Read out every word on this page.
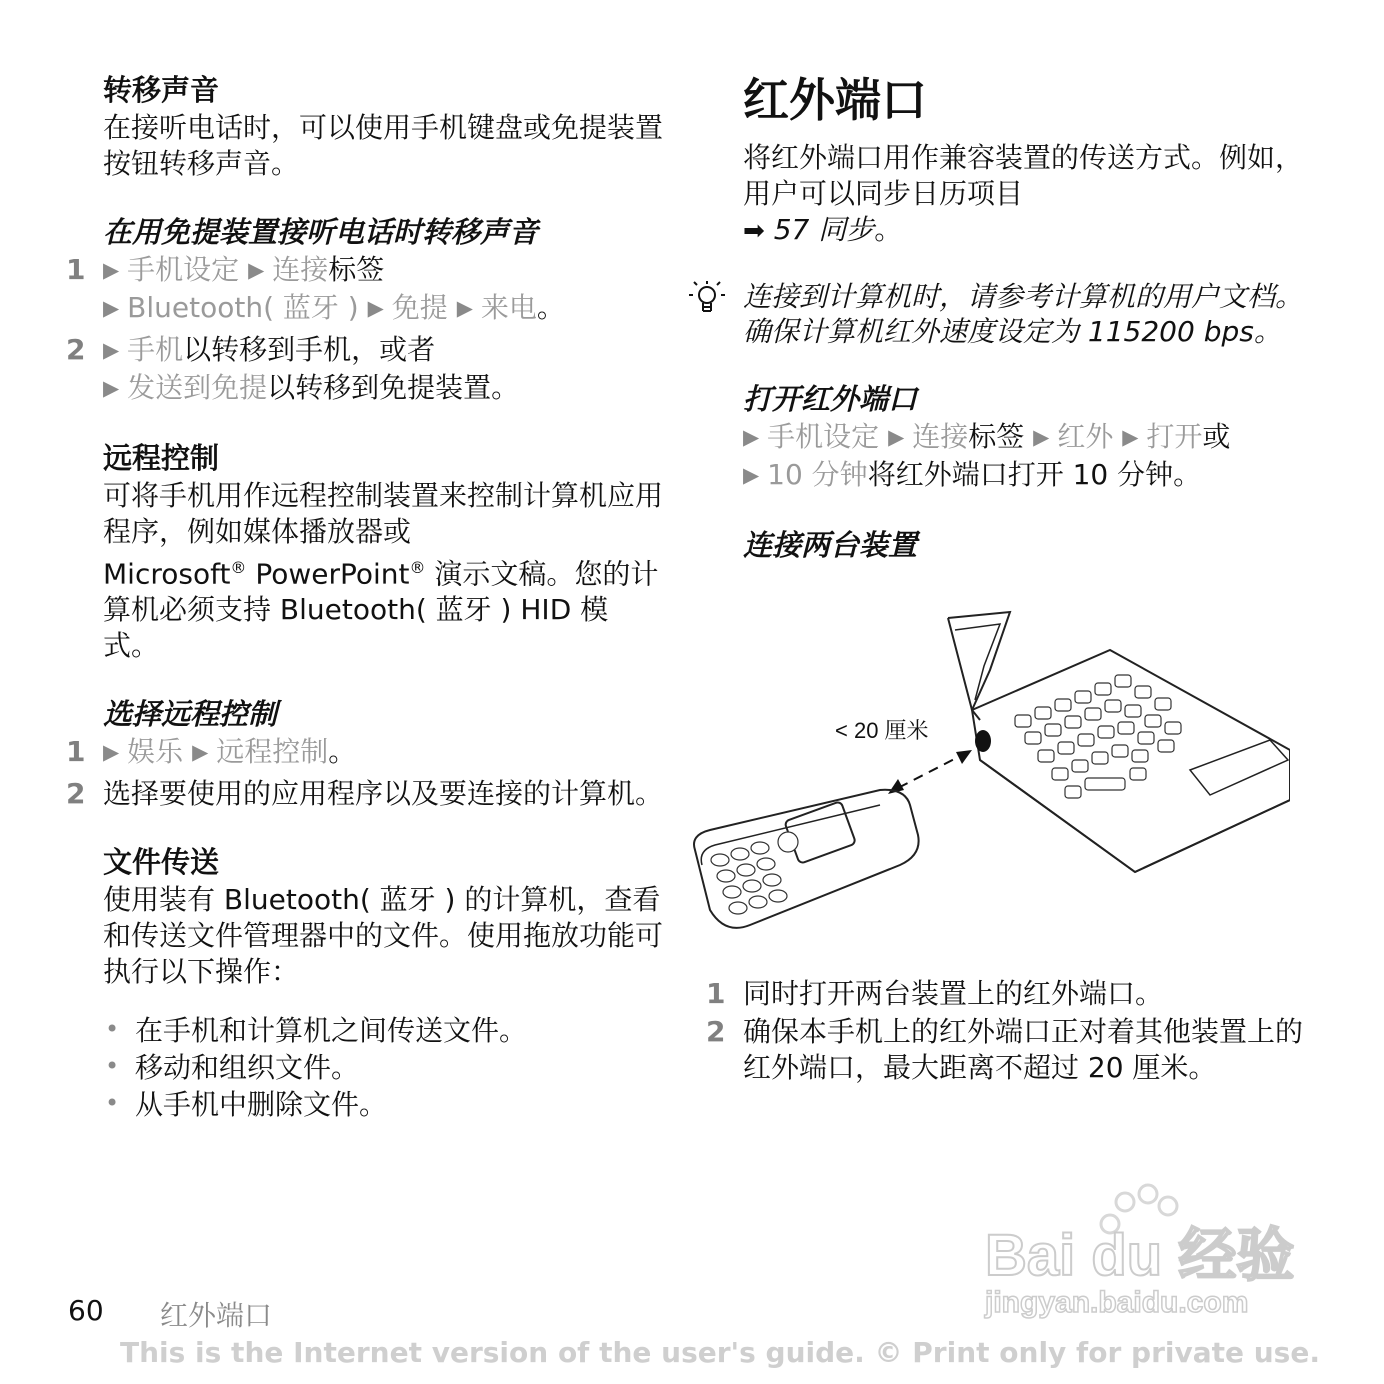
转移声音

在接听电话时，可以使用手机键盘或免提装置按钮转移声音。

在用免提装置接听电话时转移声音

1 ▶ 手机设定 ▶ 连接标签
▶ Bluetooth( 蓝牙 ) ▶ 免提 ▶ 来电。
2 ▶ 手机以转移到手机，或者
▶ 发送到免提以转移到免提装置。

远程控制

可将手机用作远程控制装置来控制计算机应用程序，例如媒体播放器或
Microsoft® PowerPoint® 演示文稿。您的计算机必须支持 Bluetooth( 蓝牙 ) HID 模式。

选择远程控制

1 ▶ 娱乐 ▶ 远程控制。
2 选择要使用的应用程序以及要连接的计算机。

文件传送

使用装有 Bluetooth( 蓝牙 ) 的计算机，查看和传送文件管理器中的文件。使用拖放功能可执行以下操作：

• 在手机和计算机之间传送文件。
• 移动和组织文件。
• 从手机中删除文件。

红外端口

将红外端口用作兼容装置的传送方式。例如，用户可以同步日历项目

➡ 57 同步。

连接到计算机时，请参考计算机的用户文档。确保计算机红外速度设定为 115200 bps。

打开红外端口

▶ 手机设定 ▶ 连接标签 ▶ 红外 ▶ 打开或
▶ 10 分钟将红外端口打开 10 分钟。

连接两台装置

< 20 厘米
1 同时打开两台装置上的红外端口。
2 确保本手机上的红外端口正对着其他装置上的红外端口，最大距离不超过 20 厘米。
Bai du 经验
jingyan.baidu.com
60 红外端口
This is the Internet version of the user's guide. © Print only for private use.
